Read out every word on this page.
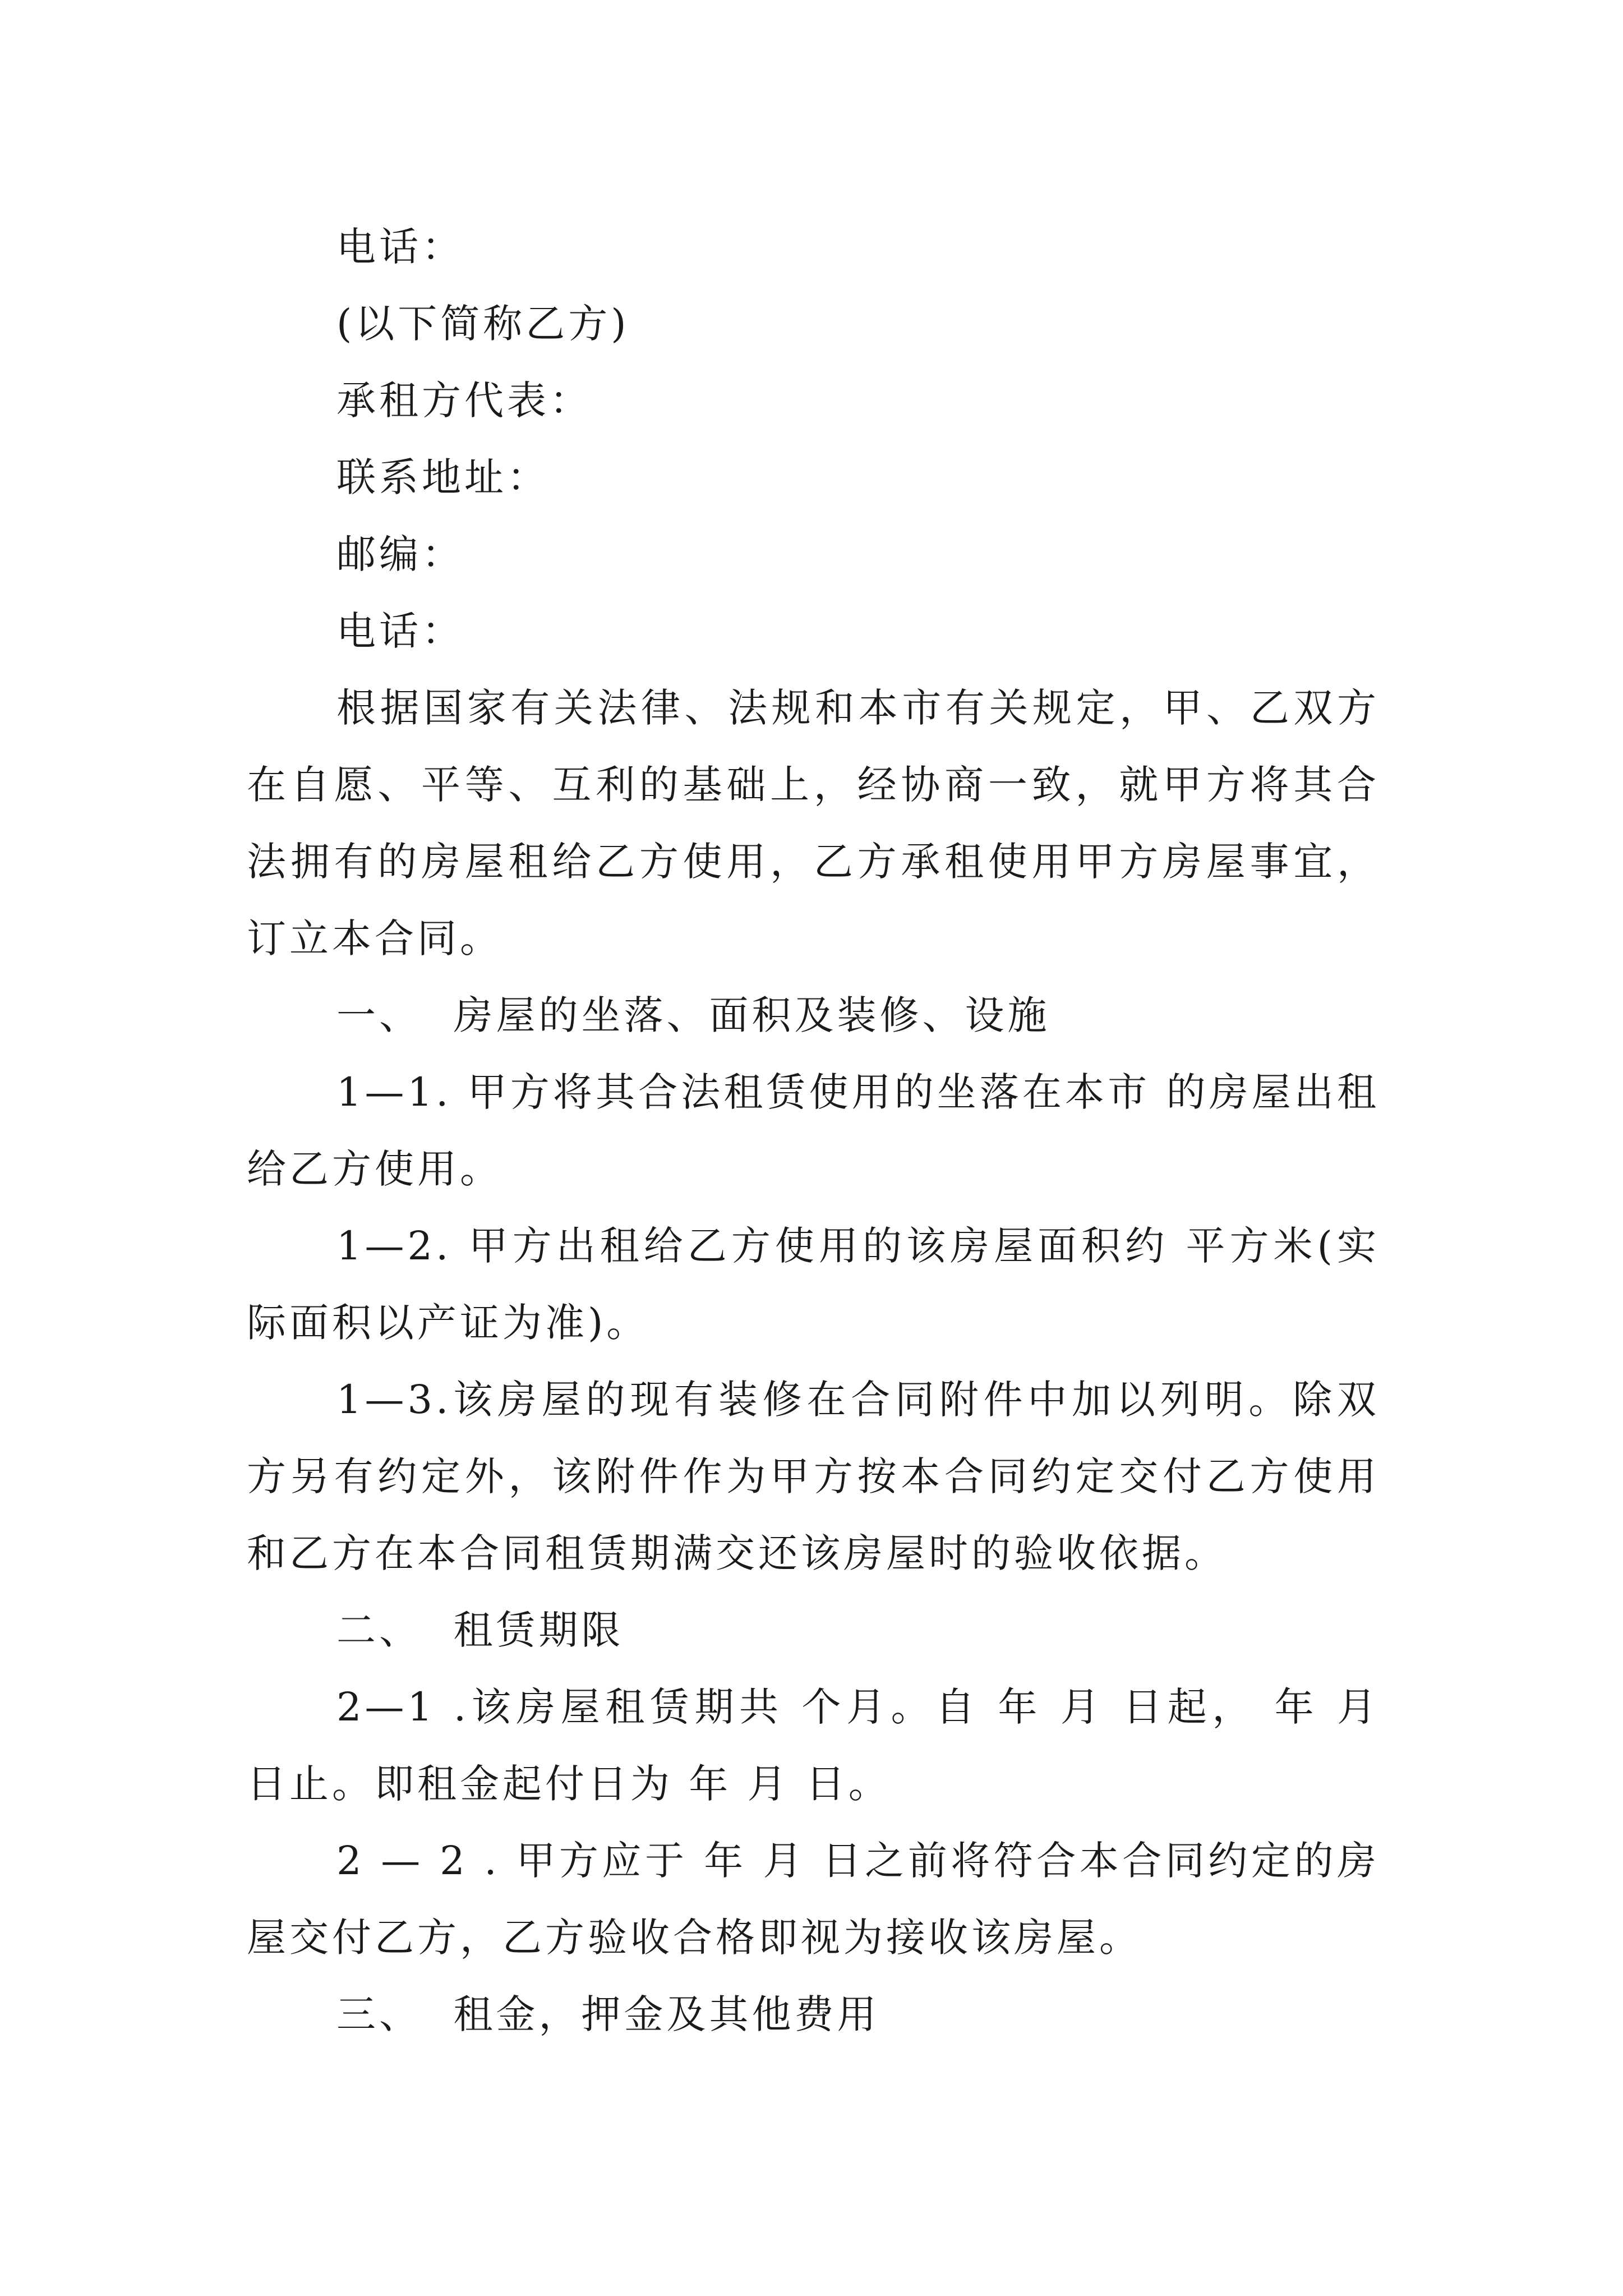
电话：

(以下简称乙方)

承租方代表：

联系地址：

邮编：

电话：

根据国家有关法律、法规和本市有关规定，甲、乙双方在自愿、平等、互利的基础上，经协商一致，就甲方将其合法拥有的房屋租给乙方使用，乙方承租使用甲方房屋事宜，订立本合同。

一、  房屋的坐落、面积及装修、设施

1—1. 甲方将其合法租赁使用的坐落在本市 的房屋出租给乙方使用。

1—2. 甲方出租给乙方使用的该房屋面积约 平方米(实际面积以产证为准)。

1—3.该房屋的现有装修在合同附件中加以列明。除双方另有约定外，该附件作为甲方按本合同约定交付乙方使用和乙方在本合同租赁期满交还该房屋时的验收依据。

二、  租赁期限

2—1 .该房屋租赁期共 个月。自 年 月 日起， 年 月 日止。即租金起付日为 年 月 日。

2 — 2 . 甲方应于 年 月 日之前将符合本合同约定的房屋交付乙方，乙方验收合格即视为接收该房屋。

三、  租金，押金及其他费用
